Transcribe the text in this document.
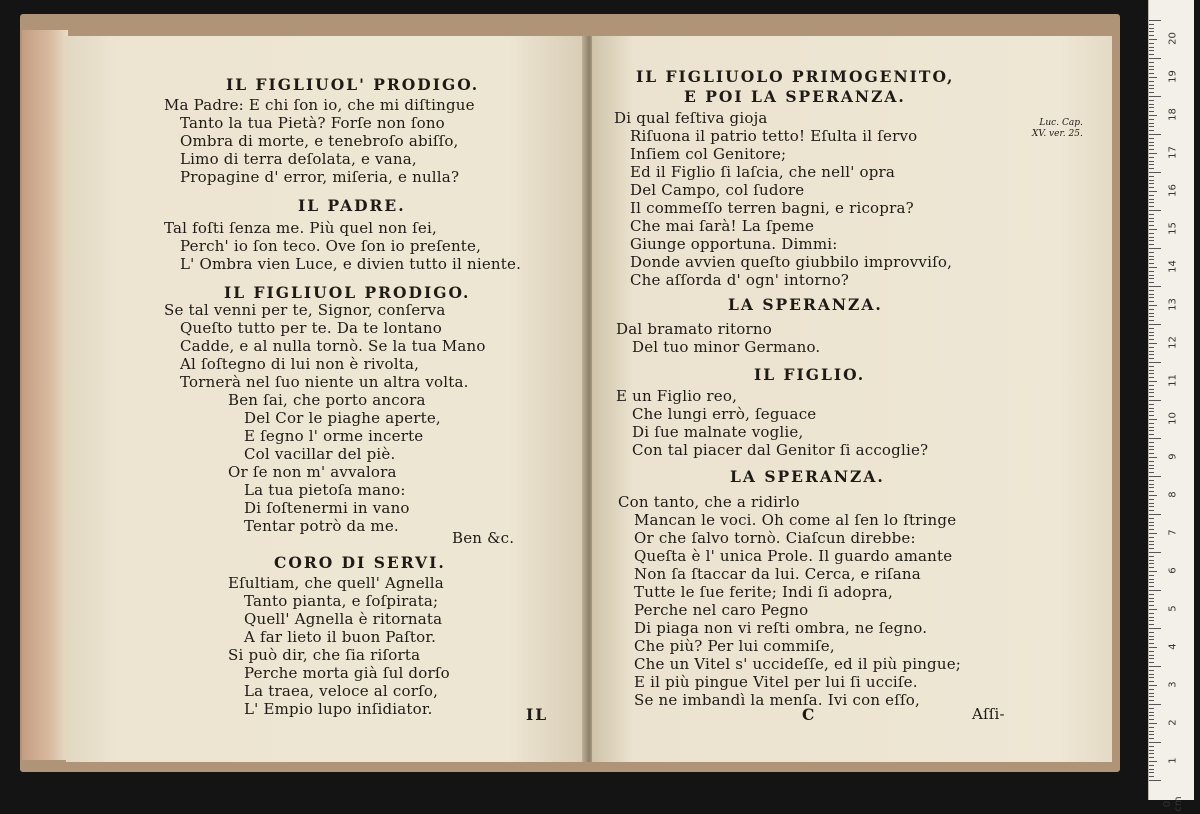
IL FIGLIUOL' PRODIGO.
Ma Padre: E chi ſon io, che mi diſtingue
Tanto la tua Pietà? Forſe non ſono
Ombra di morte, e tenebroſo abiſſo,
Limo di terra deſolata, e vana,
Propagine d' error, miſeria, e nulla?
IL PADRE.
Tal foſti ſenza me. Più quel non ſei,
Perch' io ſon teco. Ove ſon io preſente,
L' Ombra vien Luce, e divien tutto il niente.
IL FIGLIUOL PRODIGO.
Se tal venni per te, Signor, conſerva
Queſto tutto per te. Da te lontano
Cadde, e al nulla tornò. Se la tua Mano
Al ſoſtegno di lui non è rivolta,
Tornerà nel ſuo niente un altra volta.
Ben ſai, che porto ancora
Del Cor le piaghe aperte,
E ſegno l' orme incerte
Col vacillar del piè.
Or ſe non m' avvalora
La tua pietoſa mano:
Di ſoſtenermi in vano
Tentar potrò da me.
Ben &c.
CORO DI SERVI.
Eſultiam, che quell' Agnella
Tanto pianta, e ſoſpirata;
Quell' Agnella è ritornata
A far lieto il buon Paſtor.
Si può dir, che ſia riſorta
Perche morta già ſul dorſo
La traea, veloce al corſo,
L' Empio lupo inſidiator.	IL
Luc. Cap.
XV. ver. 25.
IL FIGLIUOLO PRIMOGENITO,
E POI LA SPERANZA.
Di qual feſtiva gioja
Riſuona il patrio tetto! Eſulta il ſervo
Inſiem col Genitore;
Ed il Figlio ſi laſcia, che nell' opra
Del Campo, col ſudore
Il commeſſo terren bagni, e ricopra?
Che mai ſarà! La ſpeme
Giunge opportuna. Dimmi:
Donde avvien queſto giubbilo improvviſo,
Che aſſorda d' ogn' intorno?
LA SPERANZA.
Dal bramato ritorno
Del tuo minor Germano.
IL FIGLIO.
E un Figlio reo,
Che lungi errò, ſeguace
Di ſue malnate voglie,
Con tal piacer dal Genitor ſi accoglie?
LA SPERANZA.
Con tanto, che a ridirlo
Mancan le voci. Oh come al ſen lo ſtringe
Or che ſalvo tornò. Ciaſcun direbbe:
Queſta è l' unica Prole. Il guardo amante
Non ſa ſtaccar da lui. Cerca, e riſana
Tutte le ſue ferite; Indi ſi adopra,
Perche nel caro Pegno
Di piaga non vi reſti ombra, ne ſegno.
Che più? Per lui commiſe,
Che un Vitel s' uccideſſe, ed il più pingue;
E il più pingue Vitel per lui ſi ucciſe.
Se ne imbandì la menſa. Ivi con eſſo,
C	Aſſi-
20
19
18
17
16
15
14
13
12
11
10
9
8
7
6
5
4
3
2
1
0 cm
